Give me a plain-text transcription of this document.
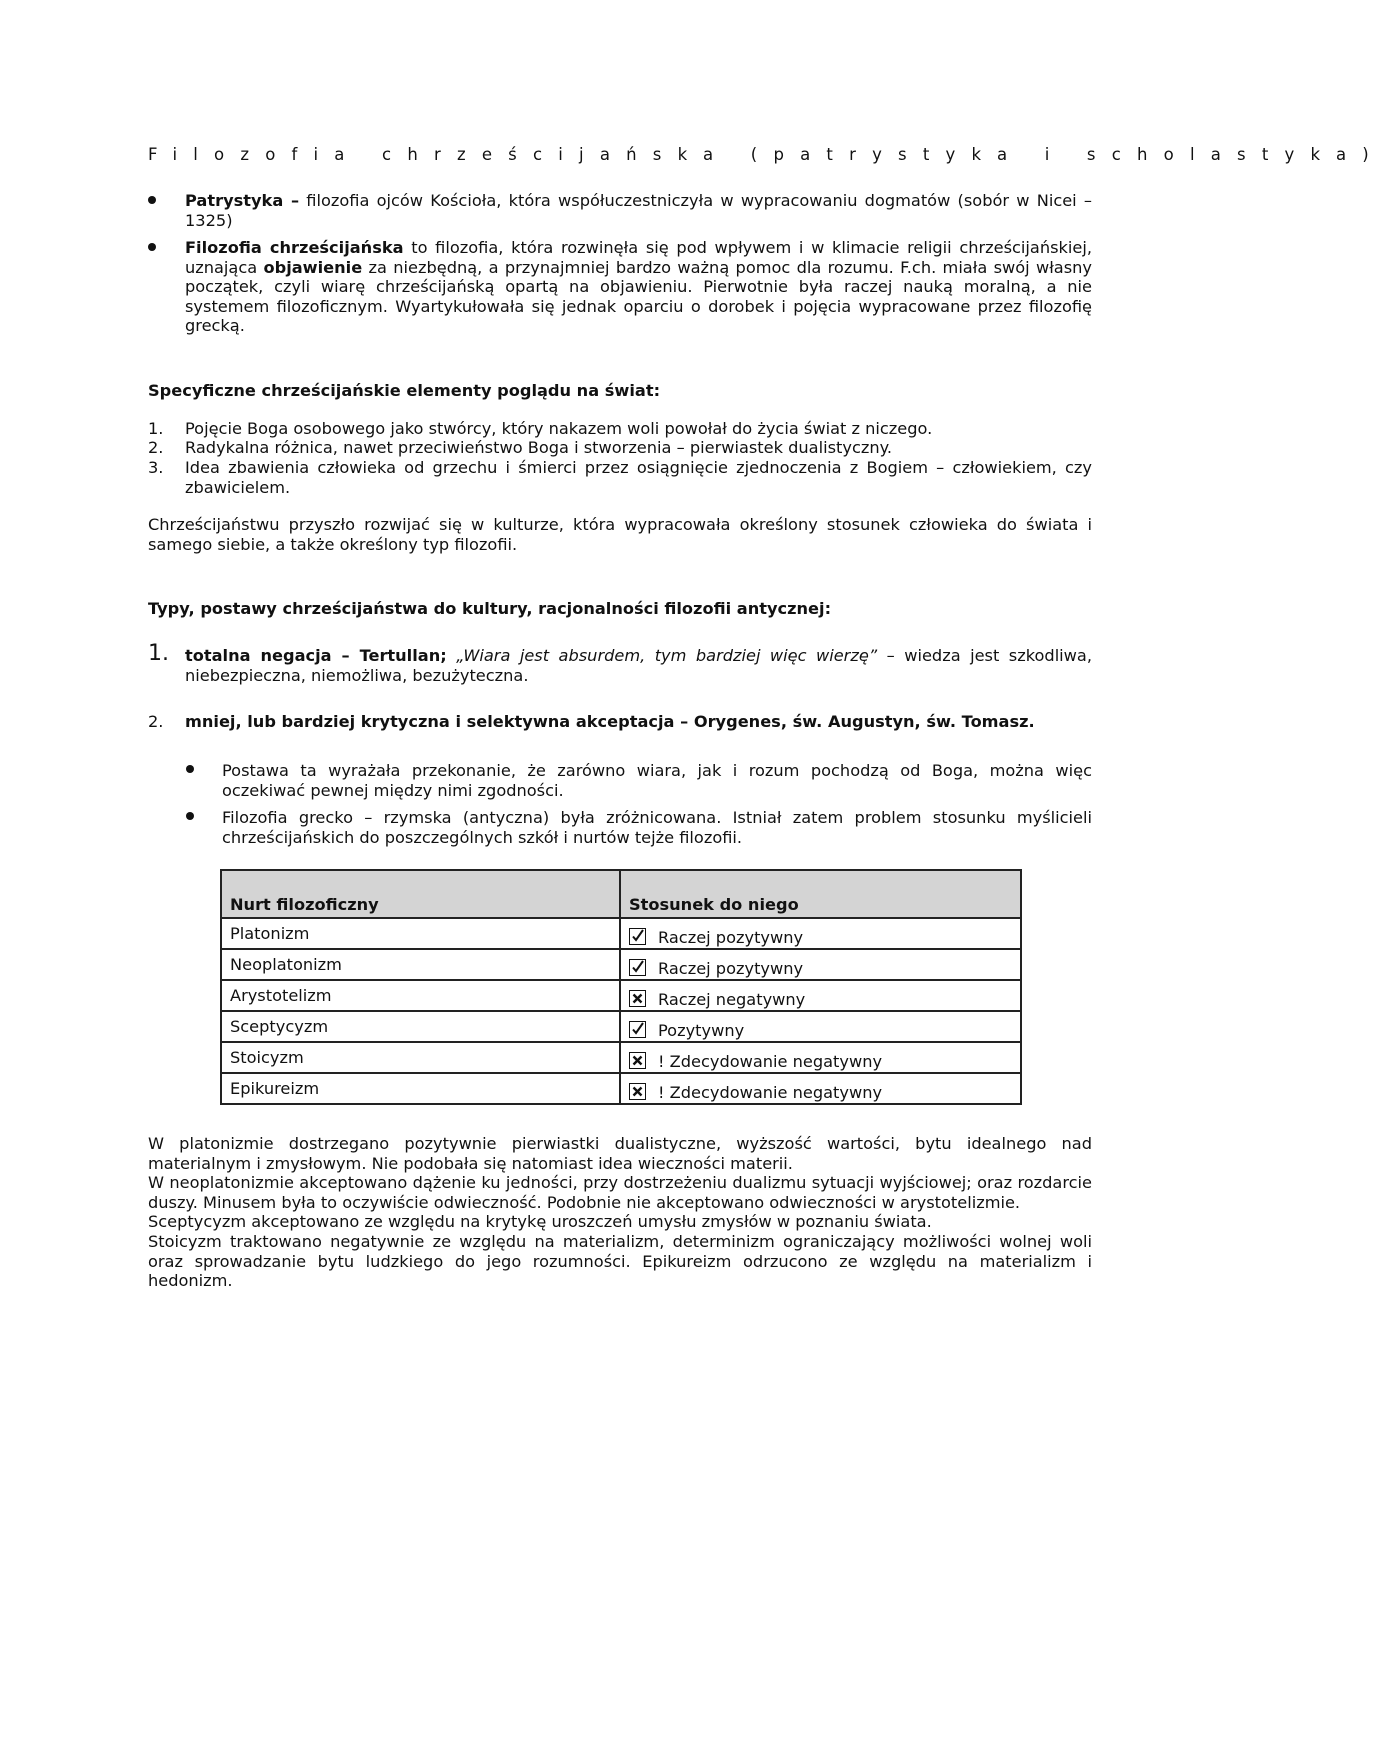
Filozofia chrześcijańska (patrystyka i scholastyka)
Patrystyka – filozofia ojców Kościoła, która współuczestniczyła w wypracowaniu dogmatów (sobór w Nicei – 1325)
Filozofia chrześcijańska to filozofia, która rozwinęła się pod wpływem i w klimacie religii chrześcijańskiej, uznająca objawienie za niezbędną, a przynajmniej bardzo ważną pomoc dla rozumu. F.ch. miała swój własny początek, czyli wiarę chrześcijańską opartą na objawieniu. Pierwotnie była raczej nauką moralną, a nie systemem filozoficznym. Wyartykułowała się jednak oparciu o dorobek i pojęcia wypracowane przez filozofię grecką.
Specyficzne chrześcijańskie elementy poglądu na świat:
1. Pojęcie Boga osobowego jako stwórcy, który nakazem woli powołał do życia świat z niczego.
2. Radykalna różnica, nawet przeciwieństwo Boga i stworzenia – pierwiastek dualistyczny.
3. Idea zbawienia człowieka od grzechu i śmierci przez osiągnięcie zjednoczenia z Bogiem – człowiekiem, czy zbawicielem.
Chrześcijaństwu przyszło rozwijać się w kulturze, która wypracowała określony stosunek człowieka do świata i samego siebie, a także określony typ filozofii.
Typy, postawy chrześcijaństwa do kultury, racjonalności filozofii antycznej:
1. totalna negacja – Tertullan; „Wiara jest absurdem, tym bardziej więc wierzę” – wiedza jest szkodliwa, niebezpieczna, niemożliwa, bezużyteczna.
2. mniej, lub bardziej krytyczna i selektywna akceptacja – Orygenes, św. Augustyn, św. Tomasz.
Postawa ta wyrażała przekonanie, że zarówno wiara, jak i rozum pochodzą od Boga, można więc oczekiwać pewnej między nimi zgodności.
Filozofia grecko – rzymska (antyczna) była zróżnicowana. Istniał zatem problem stosunku myślicieli chrześcijańskich do poszczególnych szkół i nurtów tejże filozofii.
Nurt filozoficzny	Stosunek do niego
Platonizm	Raczej pozytywny
Neoplatonizm	Raczej pozytywny
Arystotelizm	Raczej negatywny
Sceptycyzm	Pozytywny
Stoicyzm	! Zdecydowanie negatywny
Epikureizm	! Zdecydowanie negatywny
W platonizmie dostrzegano pozytywnie pierwiastki dualistyczne, wyższość wartości, bytu idealnego nad materialnym i zmysłowym. Nie podobała się natomiast idea wieczności materii.
W neoplatonizmie akceptowano dążenie ku jedności, przy dostrzeżeniu dualizmu sytuacji wyjściowej; oraz rozdarcie duszy. Minusem była to oczywiście odwieczność. Podobnie nie akceptowano odwieczności w arystotelizmie.
Sceptycyzm akceptowano ze względu na krytykę uroszczeń umysłu zmysłów w poznaniu świata.
Stoicyzm traktowano negatywnie ze względu na materializm, determinizm ograniczający możliwości wolnej woli oraz sprowadzanie bytu ludzkiego do jego rozumności. Epikureizm odrzucono ze względu na materializm i hedonizm.
